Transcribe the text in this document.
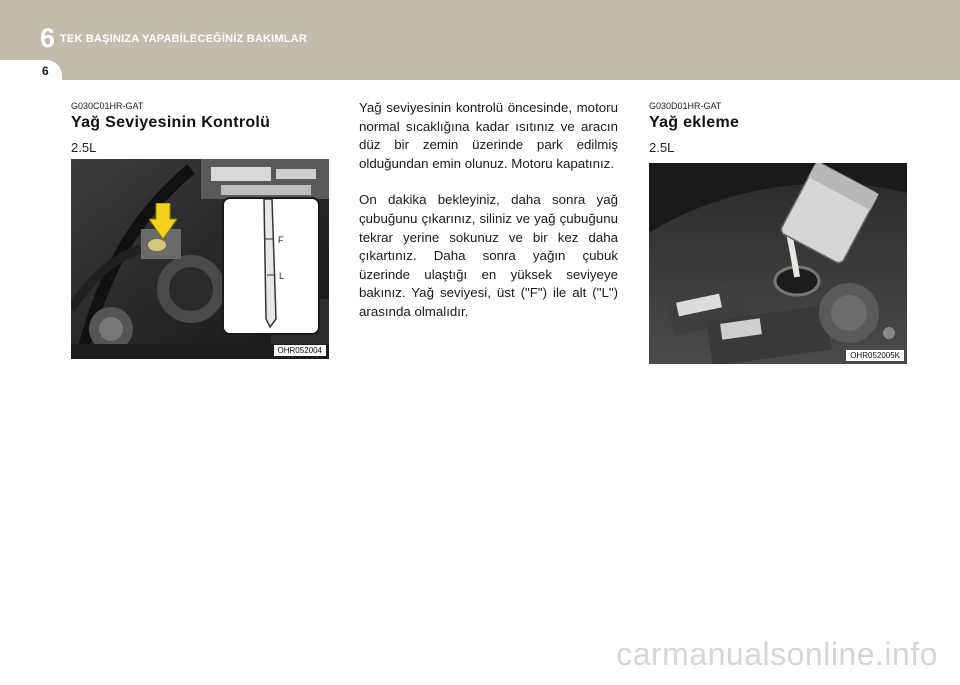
6 TEK BAŞINIZA YAPABİLECEĞİNİZ BAKIMLAR
6
G030C01HR-GAT
Yağ Seviyesinin Kontrolü
2.5L
F
L
OHR052004

Yağ seviyesinin kontrolü öncesinde, motoru normal sıcaklığına kadar ısıtınız ve aracın düz bir zemin üzerinde park edilmiş olduğundan emin olunuz. Motoru kapatınız.

On dakika bekleyiniz, daha sonra yağ çubuğunu çıkarınız, siliniz ve yağ çubuğunu tekrar yerine sokunuz ve bir kez daha çıkartınız. Daha sonra yağın çubuk üzerinde ulaştığı en yüksek seviyeye bakınız. Yağ seviyesi, üst ("F") ile alt ("L") arasında olmalıdır.

G030D01HR-GAT
Yağ ekleme
2.5L
OHR052005K
carmanualsonline.info
